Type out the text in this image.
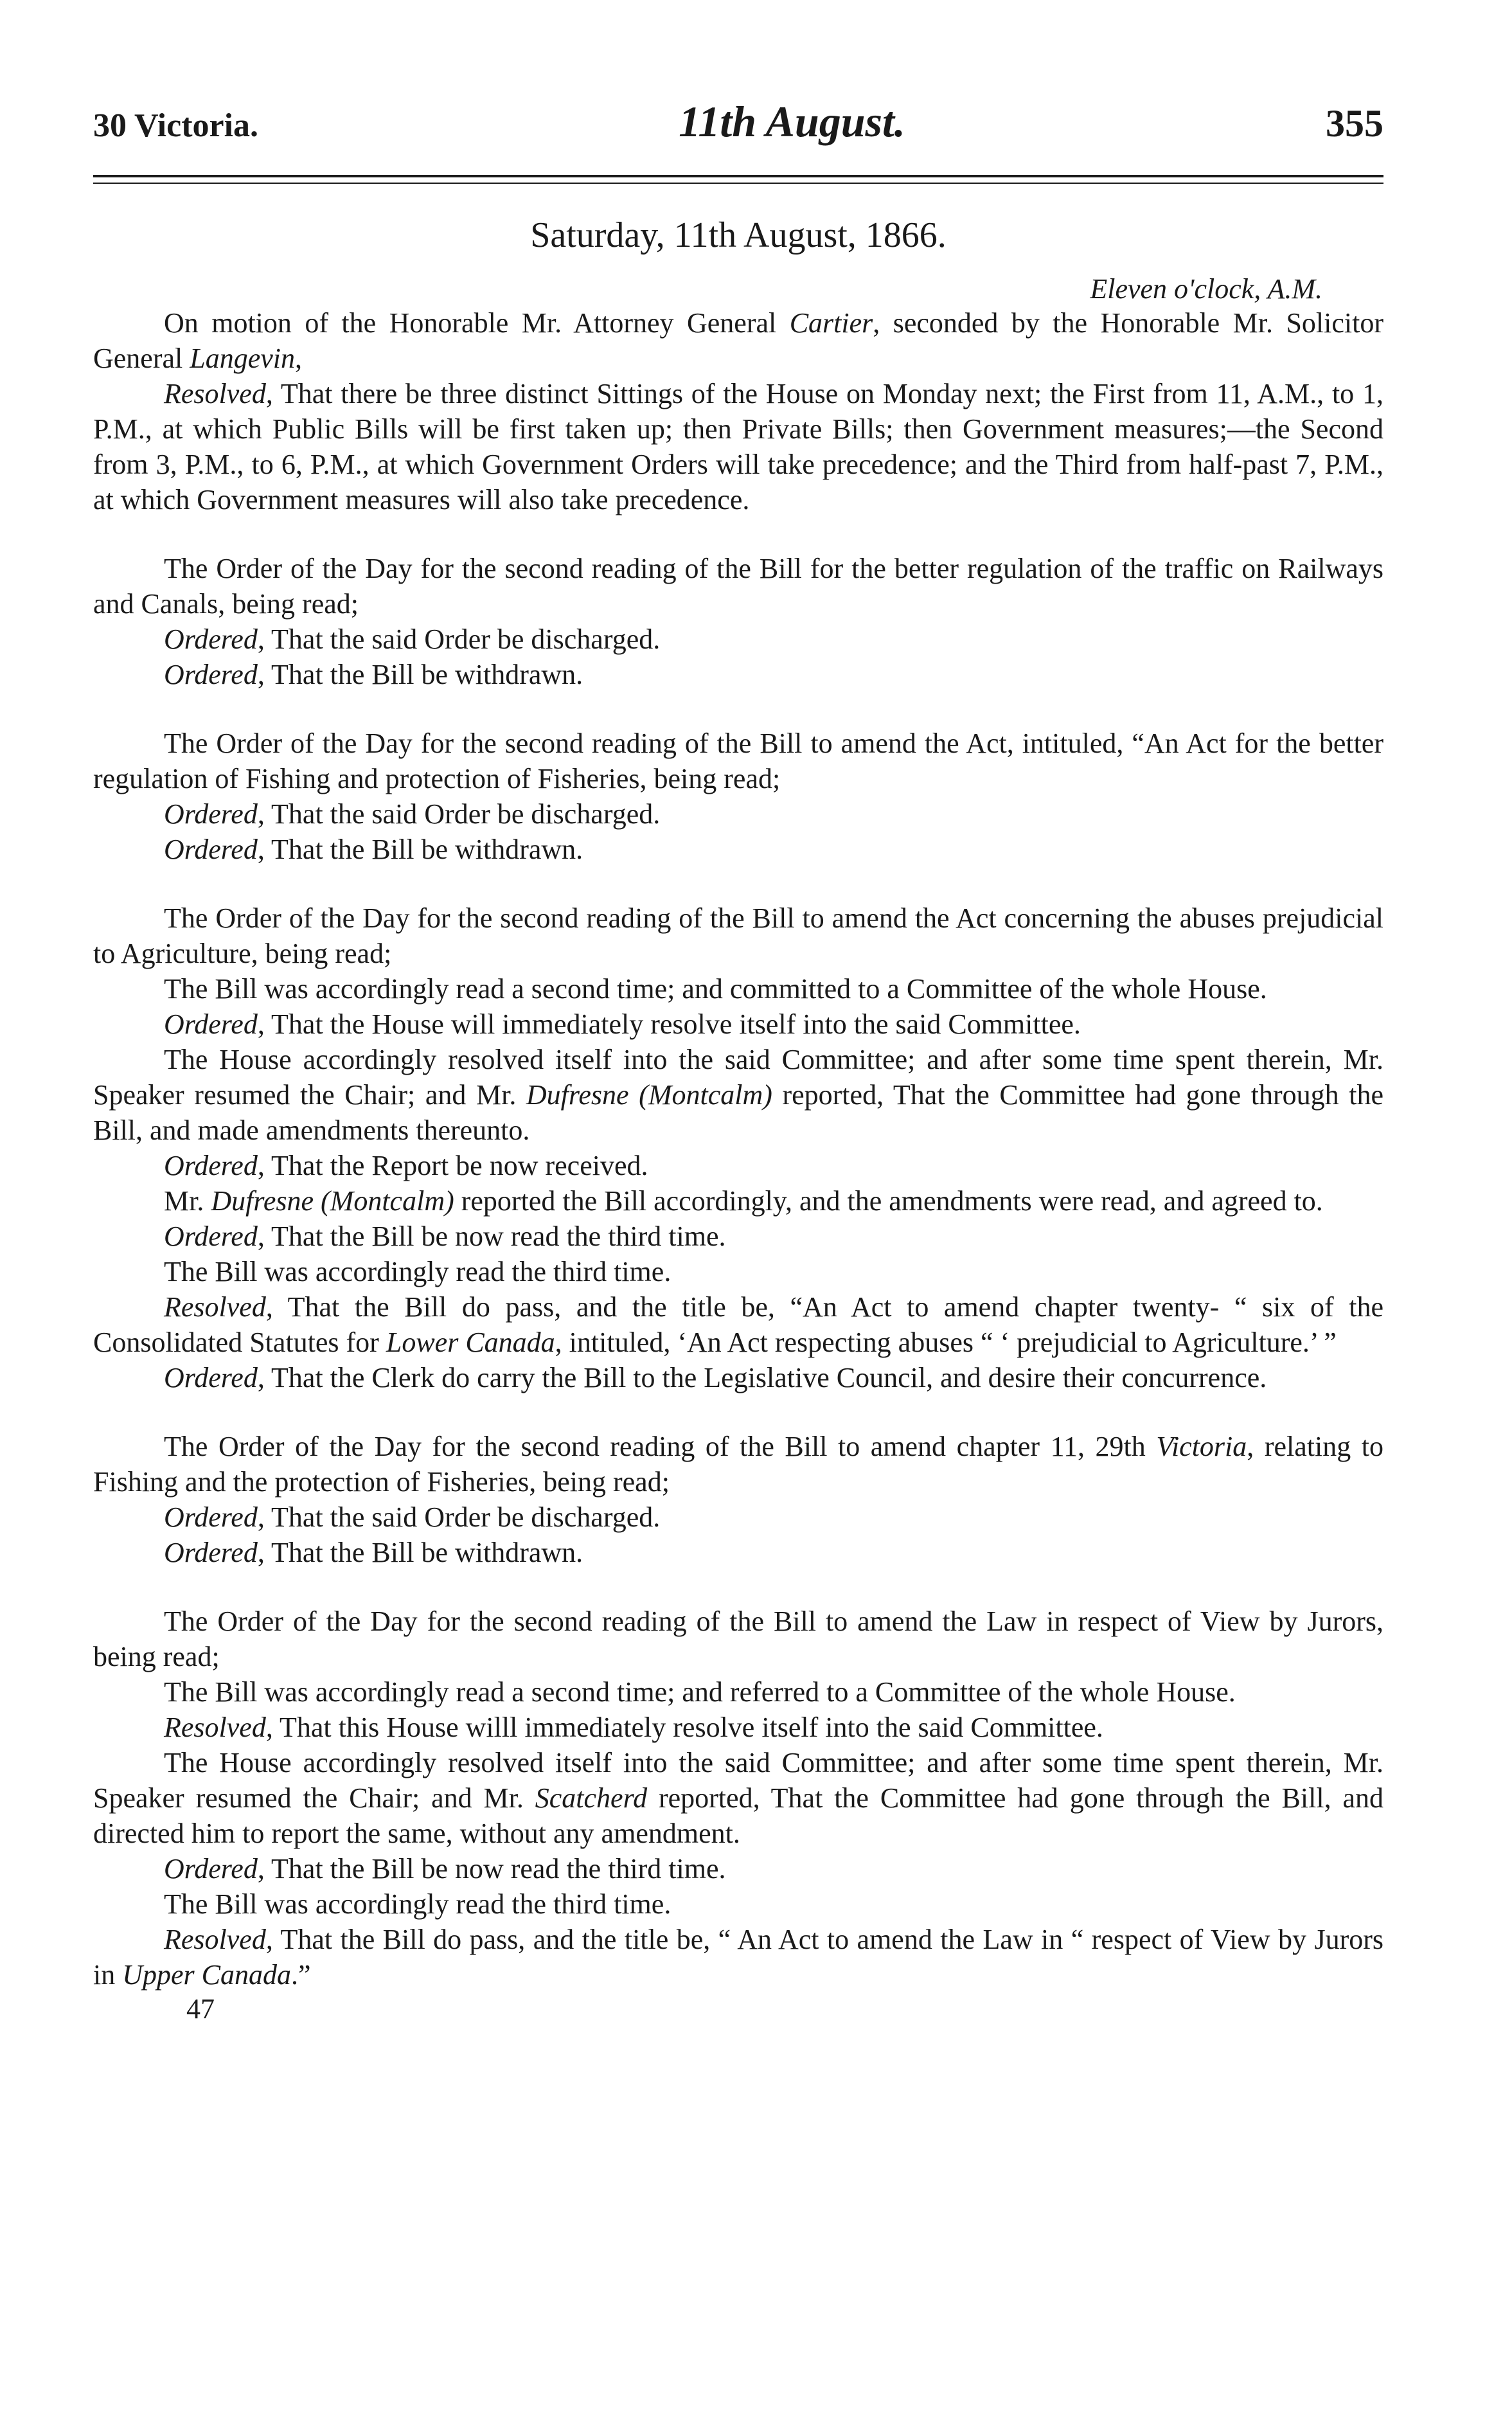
30 Victoria.	11th August.	355
Saturday, 11th August, 1866.
Eleven o'clock, A.M.

On motion of the Honorable Mr. Attorney General Cartier, seconded by the Honorable Mr. Solicitor General Langevin,

Resolved, That there be three distinct Sittings of the House on Monday next; the First from 11, A.M., to 1, P.M., at which Public Bills will be first taken up; then Private Bills; then Government measures;—the Second from 3, P.M., to 6, P.M., at which Government Orders will take precedence; and the Third from half-past 7, P.M., at which Government measures will also take precedence.

The Order of the Day for the second reading of the Bill for the better regulation of the traffic on Railways and Canals, being read;

Ordered, That the said Order be discharged.

Ordered, That the Bill be withdrawn.

The Order of the Day for the second reading of the Bill to amend the Act, intituled, “An Act for the better regulation of Fishing and protection of Fisheries, being read;

Ordered, That the said Order be discharged.

Ordered, That the Bill be withdrawn.

The Order of the Day for the second reading of the Bill to amend the Act concerning the abuses prejudicial to Agriculture, being read;

The Bill was accordingly read a second time; and committed to a Committee of the whole House.

Ordered, That the House will immediately resolve itself into the said Committee.

The House accordingly resolved itself into the said Committee; and after some time spent therein, Mr. Speaker resumed the Chair; and Mr. Dufresne (Montcalm) reported, That the Committee had gone through the Bill, and made amendments thereunto.

Ordered, That the Report be now received.

Mr. Dufresne (Montcalm) reported the Bill accordingly, and the amendments were read, and agreed to.

Ordered, That the Bill be now read the third time.

The Bill was accordingly read the third time.

Resolved, That the Bill do pass, and the title be, “An Act to amend chapter twenty- “ six of the Consolidated Statutes for Lower Canada, intituled, ‘An Act respecting abuses “ ‘ prejudicial to Agriculture.’ ”

Ordered, That the Clerk do carry the Bill to the Legislative Council, and desire their concurrence.

The Order of the Day for the second reading of the Bill to amend chapter 11, 29th Victoria, relating to Fishing and the protection of Fisheries, being read;

Ordered, That the said Order be discharged.

Ordered, That the Bill be withdrawn.

The Order of the Day for the second reading of the Bill to amend the Law in respect of View by Jurors, being read;

The Bill was accordingly read a second time; and referred to a Committee of the whole House.

Resolved, That this House willl immediately resolve itself into the said Committee.

The House accordingly resolved itself into the said Committee; and after some time spent therein, Mr. Speaker resumed the Chair; and Mr. Scatcherd reported, That the Committee had gone through the Bill, and directed him to report the same, without any amendment.

Ordered, That the Bill be now read the third time.

The Bill was accordingly read the third time.

Resolved, That the Bill do pass, and the title be, “ An Act to amend the Law in “ respect of View by Jurors in Upper Canada.”

47
